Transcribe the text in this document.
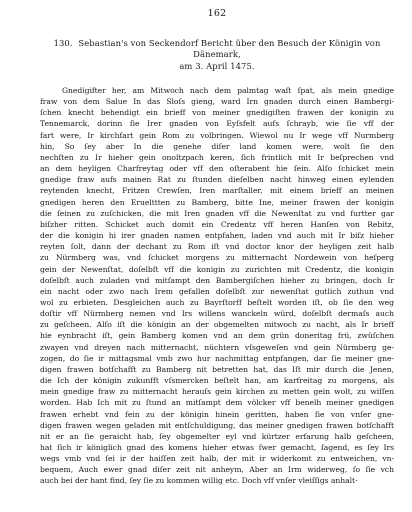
162
130. Sebastian's von Seckendorf Bericht über den Besuch der Königin von Dänemark,
am 3. April 1475.
Gnedigifter her, am Mitwoch nach dem palmtag waſt ſpat, als mein gnedige
fraw von dem Salue In das Sloſs gieng, ward Irn gnaden durch einen Bambergi-
ſchen knecht behendigt ein brieff von meiner gnedigiſten frawen der konigin zu
Tennemarck, dorinn ſie Irer gnaden von Eyſsfelt aufs ſchrayb, wie ſie vff der
fart were, Ir kirchfart gein Rom zu volbringen. Wiewol nu Ir wege vff Nurmberg
hin, So ſey aber In die genehe diſer land komen were, wolt ſie den
nechſten zu Ir hieher gein onoltzpach keren, ſich frintlich mit Ir beſprechen vnd
an dem heyligen Charfreytag oder vff den oſterabent hie ſein. Alſo ſchicket mein
gnedige fraw aufs mainen Rat zu ſtunden dieſelben nacht hinweg einen eylenden
reytenden knecht, Fritzen Crewſen, Iren marſtaller, mit einem brieff an meinen
gnedigen heren den Eruelttten zu Bamberg, bitte Ine, meiner frawen der konigin
die ſeinen zu zuſchicken, die mit Iren gnaden vff die Newenſtat zu vnd furtter gar
biſzher ritten. Schicket auch domit ein Credentz vff heren Hanſen von Rebitz,
der die konigin hi irer gnaden namen entpfahen, laden vnd auch mit Ir biſz hieher
reyten ſolt, dann der dechant zu Rom iſt vnd doctor knor der heyligen zeit halb
zu Nürmberg was, vnd ſchicket morgens zu mitternacht Nordewein von heſperg
gein der Newenſtat, doſelbſt vff die konigin zu zurichten mit Credentz, die konigin
doſelbſt auch zuladen vnd mitſampt den Bambergiſchen hieher zu bringen, doch Ir
ein nacht oder zwo nach Irem gefallen doſelbſt zur newenſtat gutlich zuthun vnd
wol zu erbieten. Desgleichen auch zu Bayrſtorff beſtelt worden iſt, ob ſie den weg
doſtir vff Nürmberg nemen vnd Irs willens wanckeln würd, doſelbſt dermaſs auch
zu geſcheen. Alſo iſt die königin an der obgemelten mitwoch zu nacht, als Ir brieff
hie eynbracht iſt, gein Bamberg komen vnd an dem grün doneritag frü, zwüſchen
zwayen vnd dreyen nach mitternacht, nüchtern vſsgeweſen vnd gein Nürmberg ge-
zogen, do ſie ir mittagsmal vmb zwo hur nachmittag entpfangen, dar ſie meiner gne-
digen frawen botſchafft zu Bamberg nit betretten hat, das Iſt mir durch die Jenen,
die Ich der königin zukunfft vſsmercken beſtelt han, am karfreitag zu morgens, als
mein gnedige fraw zu mitternacht herauſs gein kirchen zu metten gein wolt, zu wiſſen
worden. Hab Ich mit zu ſtund an mitſampt dem völcker vff benelh meiner gnedigen
frawen erhebt vnd fein zu der königin hinein geritten, haben ſie von vnſer gne-
digen frawen wegen geladen mit entſchuldigung, das meiner gnedigen frawen botſchafft
nit er an ſie geraicht hab, ſey obgemelter eyl vnd kürtzer erfarung halb geſcheen,
hat ſich ir königlich gnad des komens hieher etwas ſwer gemacht, ſagend, es ſey Irs
wegs vmb vnd ſei ir der haiſſen zeit halb, der mit ir widerkomt zu entweichen, vn-
bequem, Auch ewer gnad diſer zeit nit anheym, Aber an Irm widerweg, ſo ſie vch
auch bei der hant find, ſey ſie zu kommen willig etc. Doch vff vnſer vleiſſigs anhalt-
